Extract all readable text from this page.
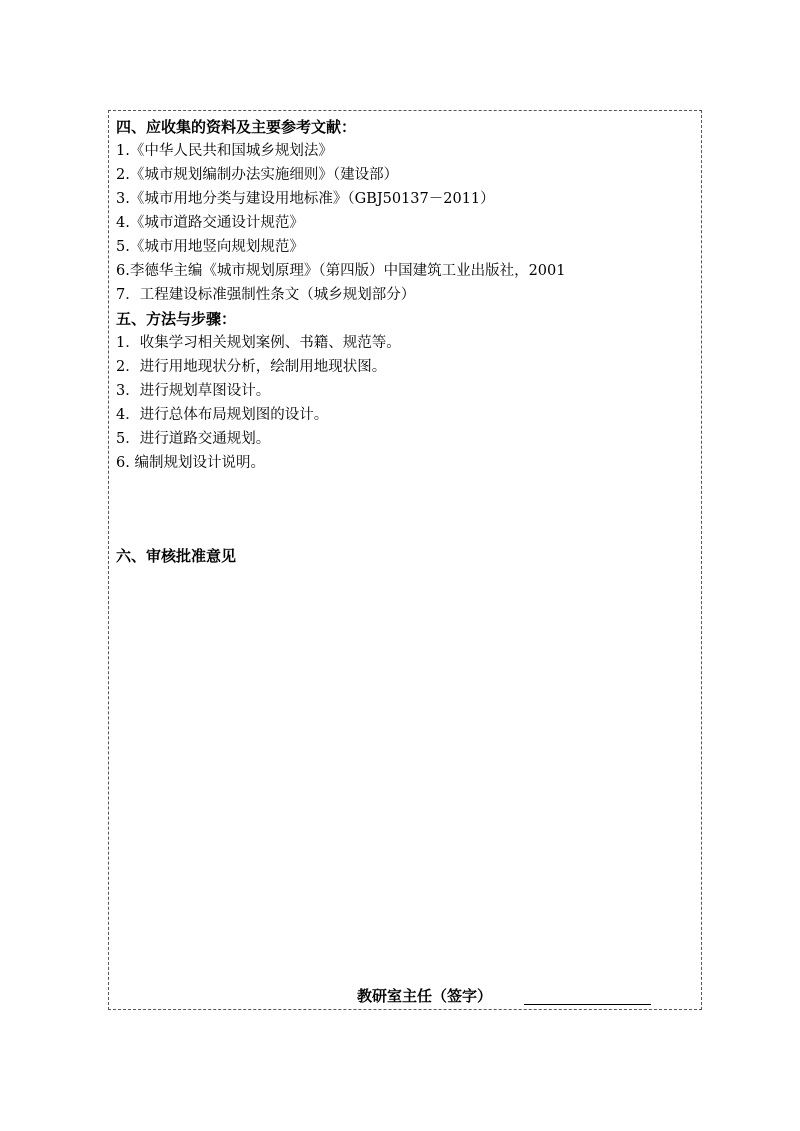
四、应收集的资料及主要参考文献：
1.《中华人民共和国城乡规划法》
2.《城市规划编制办法实施细则》（建设部）
3.《城市用地分类与建设用地标准》（GBJ50137－2011）
4.《城市道路交通设计规范》
5.《城市用地竖向规划规范》
6.李德华主编《城市规划原理》（第四版）中国建筑工业出版社，2001
7．工程建设标准强制性条文（城乡规划部分）
五、方法与步骤：
1．收集学习相关规划案例、书籍、规范等。
2．进行用地现状分析，绘制用地现状图。
3．进行规划草图设计。
4．进行总体布局规划图的设计。
5．进行道路交通规划。
6. 编制规划设计说明。
六、审核批准意见
教研室主任（签字）
